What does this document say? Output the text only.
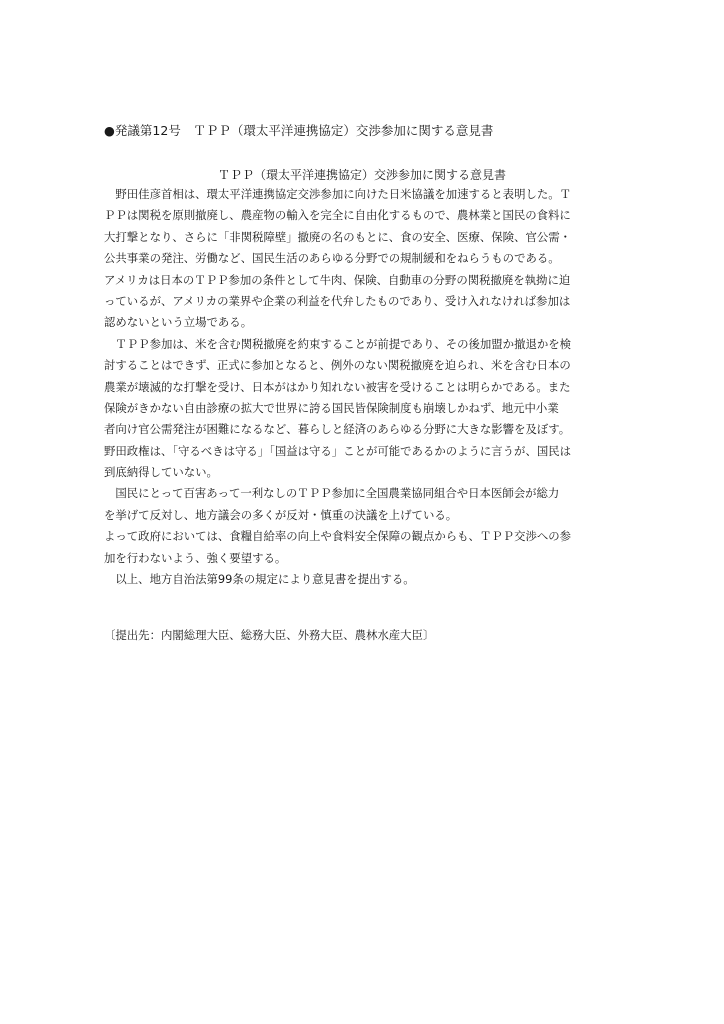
●発議第12号　ＴＰＰ（環太平洋連携協定）交渉参加に関する意見書
ＴＰＰ（環太平洋連携協定）交渉参加に関する意見書
　野田佳彦首相は、環太平洋連携協定交渉参加に向けた日米協議を加速すると表明した。Ｔ
ＰＰは関税を原則撤廃し、農産物の輸入を完全に自由化するもので、農林業と国民の食料に
大打撃となり、さらに「非関税障壁」撤廃の名のもとに、食の安全、医療、保険、官公需・
公共事業の発注、労働など、国民生活のあらゆる分野での規制緩和をねらうものである。
アメリカは日本のＴＰＰ参加の条件として牛肉、保険、自動車の分野の関税撤廃を執拗に迫
っているが、アメリカの業界や企業の利益を代弁したものであり、受け入れなければ参加は
認めないという立場である。
　ＴＰＰ参加は、米を含む関税撤廃を約束することが前提であり、その後加盟か撤退かを検
討することはできず、正式に参加となると、例外のない関税撤廃を迫られ、米を含む日本の
農業が壊滅的な打撃を受け、日本がはかり知れない被害を受けることは明らかである。また
保険がきかない自由診療の拡大で世界に誇る国民皆保険制度も崩壊しかねず、地元中小業
者向け官公需発注が困難になるなど、暮らしと経済のあらゆる分野に大きな影響を及ぼす。
野田政権は、「守るべきは守る」「国益は守る」ことが可能であるかのように言うが、国民は
到底納得していない。
　国民にとって百害あって一利なしのＴＰＰ参加に全国農業協同組合や日本医師会が総力
を挙げて反対し、地方議会の多くが反対・慎重の決議を上げている。
よって政府においては、食糧自給率の向上や食料安全保障の観点からも、ＴＰＰ交渉への参
加を行わないよう、強く要望する。
　以上、地方自治法第99条の規定により意見書を提出する。
〔提出先：内閣総理大臣、総務大臣、外務大臣、農林水産大臣〕
